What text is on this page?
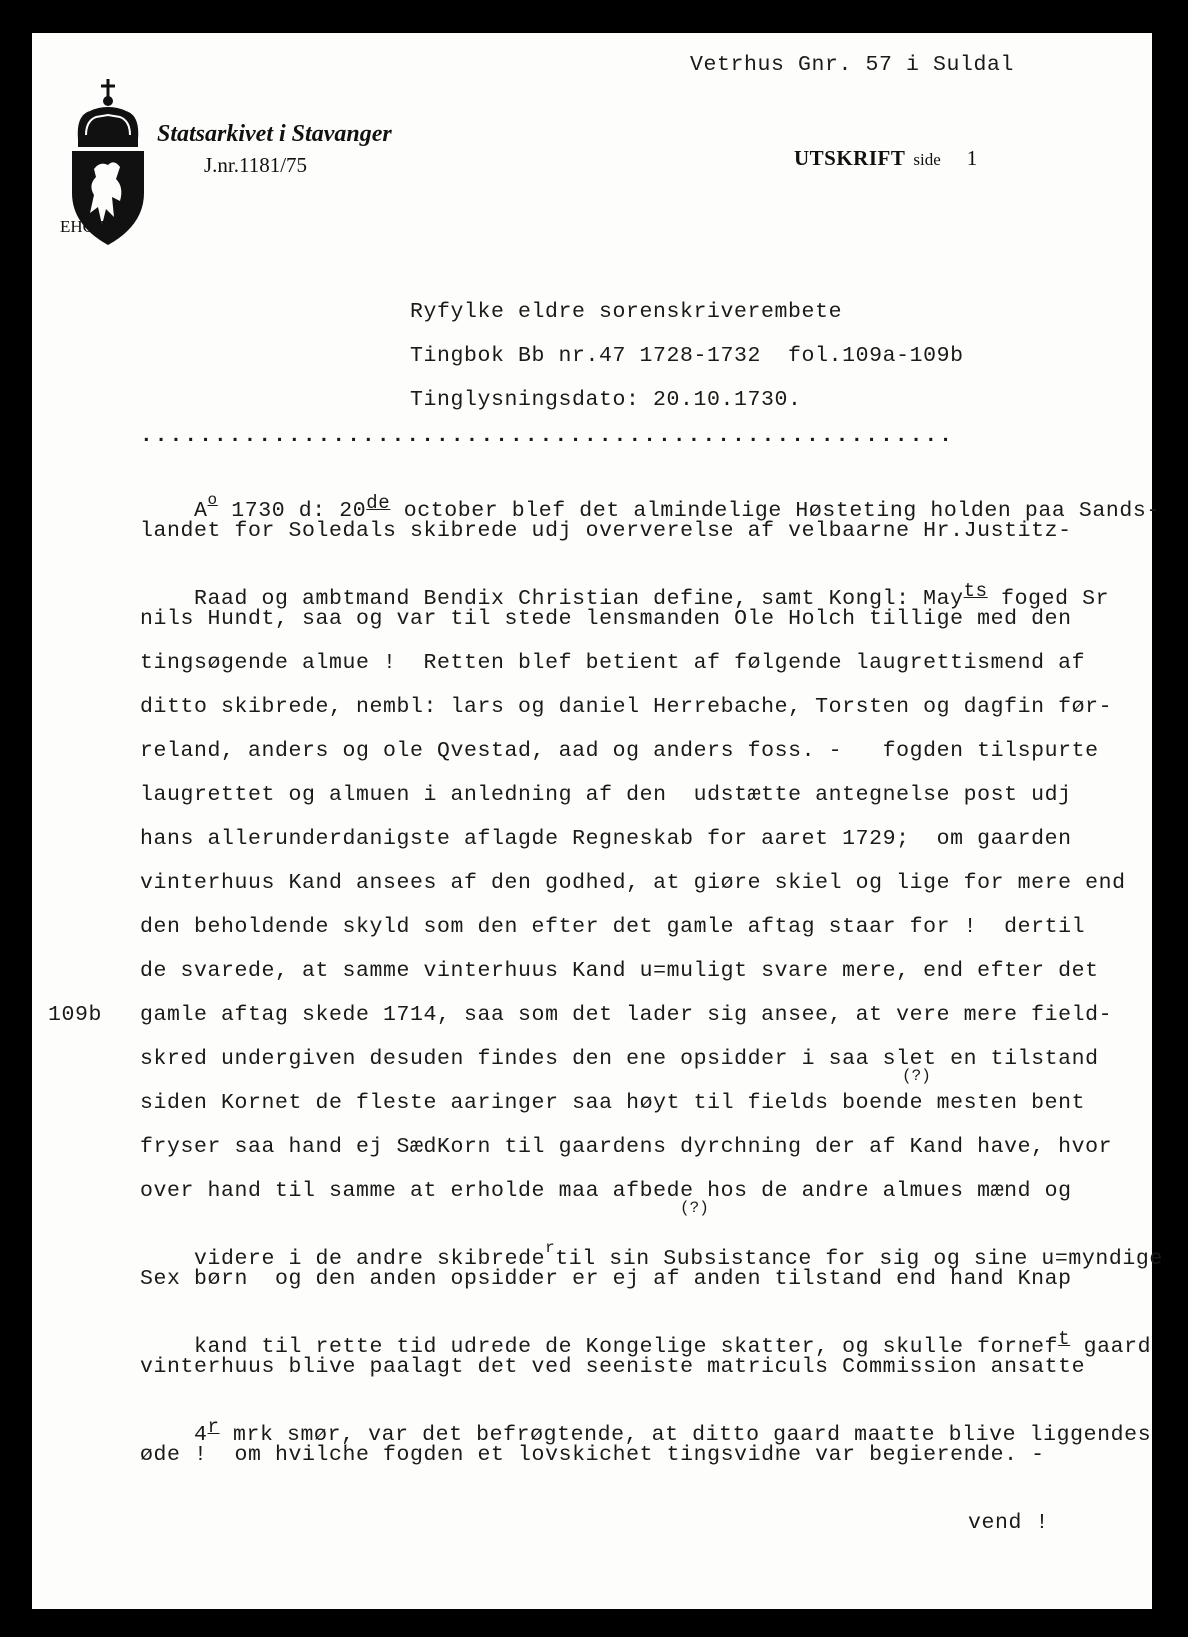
Statsarkivet i Stavanger
J.nr.1181/75
EHG/MF
Vetrhus Gnr. 57 i Suldal
UTSKRIFT side 1
Ryfylke eldre sorenskriverembete
Tingbok Bb nr.47 1728-1732  fol.109a-109b
Tinglysningsdato: 20.10.1730.
.......................................................

$A^o$ 1730 d: 20de october blef det almindelige Høsteting holden paa Sands-

landet for Soledals skibrede udj oververelse af velbaarne Hr.Justitz-

Raad og ambtmand Bendix Christian define, samt Kongl: Mayts foged Sr

nils Hundt, saa og var til stede lensmanden Ole Holch tillige med den
tingsøgende almue !  Retten blef betient af følgende laugrettismend af
ditto skibrede, nembl: lars og daniel Herrebache, Torsten og dagfin før-
reland, anders og ole Qvestad, aad og anders foss. -   fogden tilspurte
laugrettet og almuen i anledning af den  udstætte antegnelse post udj
hans allerunderdanigste aflagde Regneskab for aaret 1729;  om gaarden
vinterhuus Kand ansees af den godhed, at giøre skiel og lige for mere end
den beholdende skyld som den efter det gamle aftag staar for !  dertil
de svarede, at samme vinterhuus Kand u=muligt svare mere, end efter det
109b gamle aftag skede 1714, saa som det lader sig ansee, at vere mere field-
skred undergiven desuden findes den ene opsidder i saa slet en tilstand
(?)
siden Kornet de fleste aaringer saa høyt til fields boende mesten bent
fryser saa hand ej SædKorn til gaardens dyrchning der af Kand have, hvor
over hand til samme at erholde maa afbede hos de andre almues mænd og
(?)

videre i de andre skibrede$^r$til sin Subsistance for sig og sine u=myndige

Sex børn  og den anden opsidder er ej af anden tilstand end hand Knap

kand til rette tid udrede de Kongelige skatter, og skulle forneft gaard

vinterhuus blive paalagt det ved seeniste matriculs Commission ansatte

4r mrk smør, var det befrøgtende, at ditto gaard maatte blive liggendes

øde !  om hvilche fogden et lovskichet tingsvidne var begierende. -
vend !
